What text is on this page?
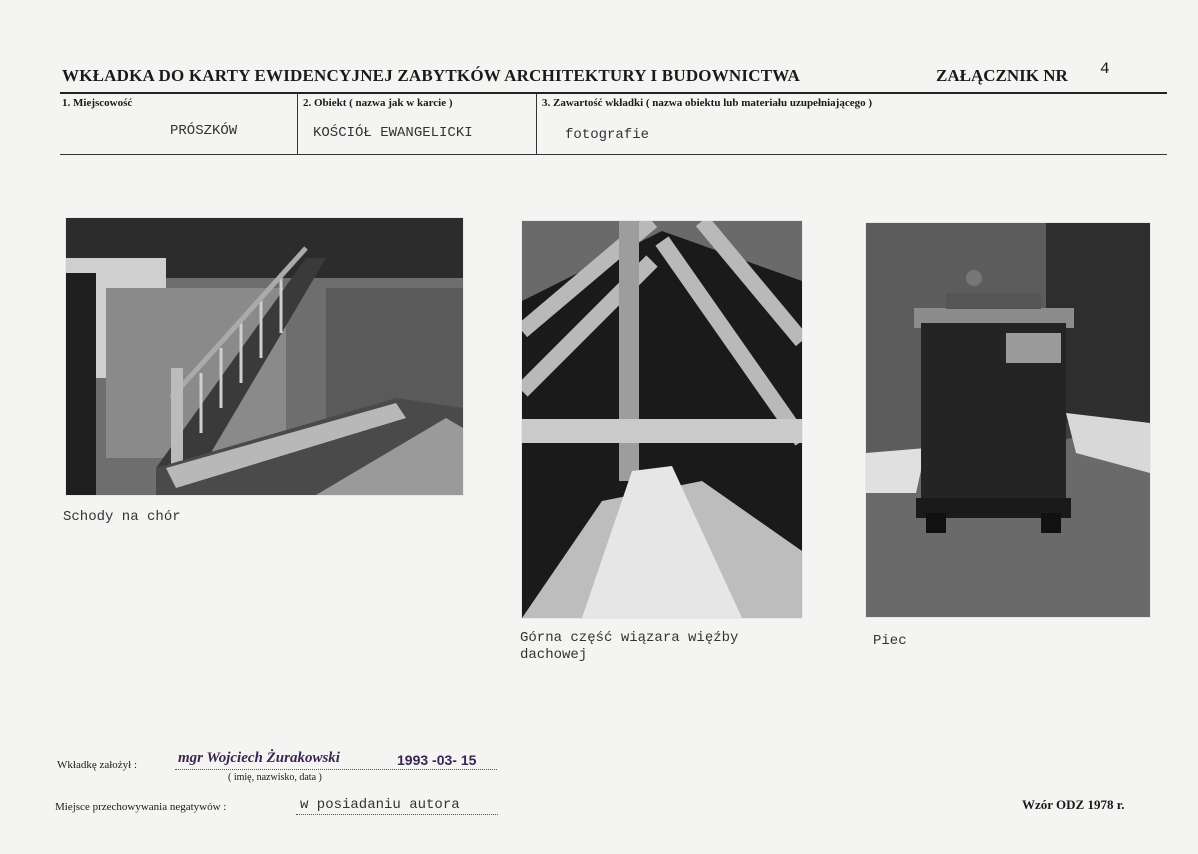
WKŁADKA DO KARTY EWIDENCYJNEJ ZABYTKÓW ARCHITEKTURY I BUDOWNICTWA	ZAŁĄCZNIK NR 4
1. Miejscowość
PRÓSZKÓW
2. Obiekt ( nazwa jak w karcie )
KOŚCIÓŁ EWANGELICKI
3. Zawartość wkładki ( nazwa obiektu lub materiału uzupełniającego )
fotografie
Schody na chór
Górna część wiązara więźby
dachowej
Piec
Wkładkę założył :	mgr Wojciech Żurakowski	1993 -03- 15
( imię, nazwisko, data )
Miejsce przechowywania negatywów :	w posiadaniu autora	Wzór ODZ 1978 r.
